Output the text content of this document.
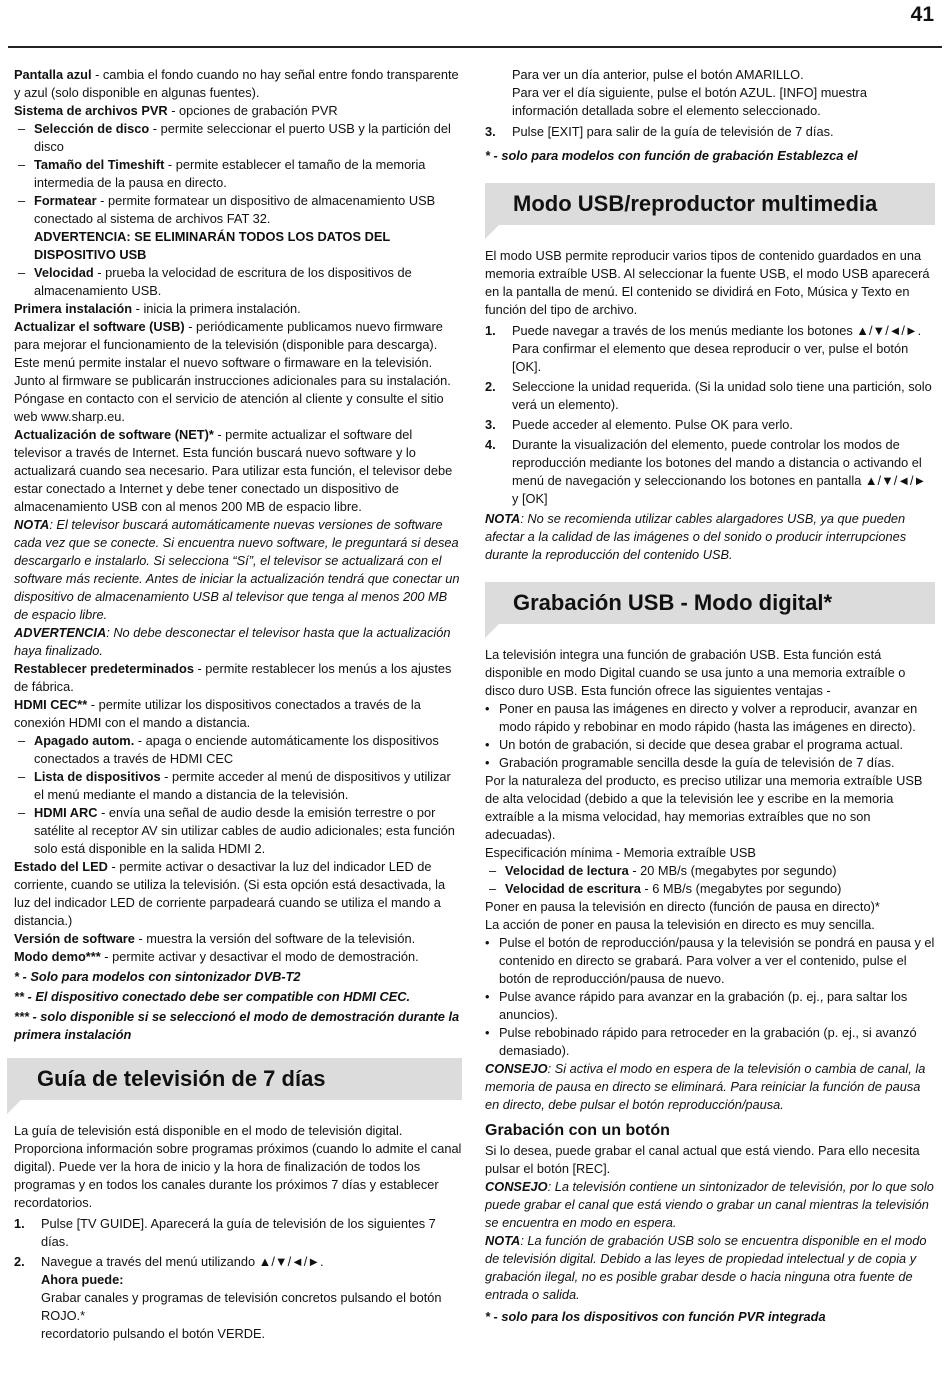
41

Pantalla azul - cambia el fondo cuando no hay señal entre fondo transparente y azul (solo disponible en algunas fuentes).

Sistema de archivos PVR - opciones de grabación PVR

– Selección de disco - permite seleccionar el puerto USB y la partición del disco

– Tamaño del Timeshift - permite establecer el tamaño de la memoria intermedia de la pausa en directo.

– Formatear - permite formatear un dispositivo de almacenamiento USB conectado al sistema de archivos FAT 32.

ADVERTENCIA: SE ELIMINARÁN TODOS LOS DATOS DEL DISPOSITIVO USB

– Velocidad - prueba la velocidad de escritura de los dispositivos de almacenamiento USB.

Primera instalación - inicia la primera instalación.

Actualizar el software (USB) - periódicamente publicamos nuevo firmware para mejorar el funcionamiento de la televisión (disponible para descarga). Este menú permite instalar el nuevo software o firmaware en la televisión. Junto al firmware se publicarán instrucciones adicionales para su instalación. Póngase en contacto con el servicio de atención al cliente y consulte el sitio web www.sharp.eu.

Actualización de software (NET)* - permite actualizar el software del televisor a través de Internet. Esta función buscará nuevo software y lo actualizará cuando sea necesario. Para utilizar esta función, el televisor debe estar conectado a Internet y debe tener conectado un dispositivo de almacenamiento USB con al menos 200 MB de espacio libre.

NOTA: El televisor buscará automáticamente nuevas versiones de software cada vez que se conecte. Si encuentra nuevo software, le preguntará si desea descargarlo e instalarlo. Si selecciona “Sí”, el televisor se actualizará con el software más reciente. Antes de iniciar la actualización tendrá que conectar un dispositivo de almacenamiento USB al televisor que tenga al menos 200 MB de espacio libre.

ADVERTENCIA: No debe desconectar el televisor hasta que la actualización haya finalizado.

Restablecer predeterminados - permite restablecer los menús a los ajustes de fábrica.

HDMI CEC** - permite utilizar los dispositivos conectados a través de la conexión HDMI con el mando a distancia.

– Apagado autom. - apaga o enciende automáticamente los dispositivos conectados a través de HDMI CEC

– Lista de dispositivos - permite acceder al menú de dispositivos y utilizar el menú mediante el mando a distancia de la televisión.

– HDMI ARC - envía una señal de audio desde la emisión terrestre o por satélite al receptor AV sin utilizar cables de audio adicionales; esta función solo está disponible en la salida HDMI 2.

Estado del LED - permite activar o desactivar la luz del indicador LED de corriente, cuando se utiliza la televisión. (Si esta opción está desactivada, la luz del indicador LED de corriente parpadeará cuando se utiliza el mando a distancia.)

Versión de software - muestra la versión del software de la televisión.

Modo demo*** - permite activar y desactivar el modo de demostración.

* - Solo para modelos con sintonizador DVB-T2

** - El dispositivo conectado debe ser compatible con HDMI CEC.

*** - solo disponible si se seleccionó el modo de demostración durante la primera instalación

Guía de televisión de 7 días

La guía de televisión está disponible en el modo de televisión digital. Proporciona información sobre programas próximos (cuando lo admite el canal digital). Puede ver la hora de inicio y la hora de finalización de todos los programas y en todos los canales durante los próximos 7 días y establecer recordatorios.

1. Pulse [TV GUIDE]. Aparecerá la guía de televisión de los siguientes 7 días.

2. Navegue a través del menú utilizando ▲/▼/◄/►.
Ahora puede:
Grabar canales y programas de televisión concretos pulsando el botón ROJO.*
recordatorio pulsando el botón VERDE.

Para ver un día anterior, pulse el botón AMARILLO.

Para ver el día siguiente, pulse el botón AZUL. [INFO] muestra información detallada sobre el elemento seleccionado.

3. Pulse [EXIT] para salir de la guía de televisión de 7 días.

* - solo para modelos con función de grabación Establezca el

Modo USB/reproductor multimedia

El modo USB permite reproducir varios tipos de contenido guardados en una memoria extraíble USB. Al seleccionar la fuente USB, el modo USB aparecerá en la pantalla de menú. El contenido se dividirá en Foto, Música y Texto en función del tipo de archivo.

1. Puede navegar a través de los menús mediante los botones ▲/▼/◄/►. Para confirmar el elemento que desea reproducir o ver, pulse el botón [OK].

2. Seleccione la unidad requerida. (Si la unidad solo tiene una partición, solo verá un elemento).

3. Puede acceder al elemento. Pulse OK para verlo.

4. Durante la visualización del elemento, puede controlar los modos de reproducción mediante los botones del mando a distancia o activando el menú de navegación y seleccionando los botones en pantalla ▲/▼/◄/► y [OK]

NOTA: No se recomienda utilizar cables alargadores USB, ya que pueden afectar a la calidad de las imágenes o del sonido o producir interrupciones durante la reproducción del contenido USB.

Grabación USB - Modo digital*

La televisión integra una función de grabación USB. Esta función está disponible en modo Digital cuando se usa junto a una memoria extraíble o disco duro USB. Esta función ofrece las siguientes ventajas -

• Poner en pausa las imágenes en directo y volver a reproducir, avanzar en modo rápido y rebobinar en modo rápido (hasta las imágenes en directo).

• Un botón de grabación, si decide que desea grabar el programa actual.

• Grabación programable sencilla desde la guía de televisión de 7 días.

Por la naturaleza del producto, es preciso utilizar una memoria extraíble USB de alta velocidad (debido a que la televisión lee y escribe en la memoria extraíble a la misma velocidad, hay memorias extraíbles que no son adecuadas).

Especificación mínima - Memoria extraíble USB

– Velocidad de lectura - 20 MB/s (megabytes por segundo)

– Velocidad de escritura - 6 MB/s (megabytes por segundo)

Poner en pausa la televisión en directo (función de pausa en directo)*

La acción de poner en pausa la televisión en directo es muy sencilla.

• Pulse el botón de reproducción/pausa y la televisión se pondrá en pausa y el contenido en directo se grabará. Para volver a ver el contenido, pulse el botón de reproducción/pausa de nuevo.

• Pulse avance rápido para avanzar en la grabación (p. ej., para saltar los anuncios).

• Pulse rebobinado rápido para retroceder en la grabación (p. ej., si avanzó demasiado).

CONSEJO: Si activa el modo en espera de la televisión o cambia de canal, la memoria de pausa en directo se eliminará. Para reiniciar la función de pausa en directo, debe pulsar el botón reproducción/pausa.

Grabación con un botón

Si lo desea, puede grabar el canal actual que está viendo. Para ello necesita pulsar el botón [REC].

CONSEJO: La televisión contiene un sintonizador de televisión, por lo que solo puede grabar el canal que está viendo o grabar un canal mientras la televisión se encuentra en modo en espera.

NOTA: La función de grabación USB solo se encuentra disponible en el modo de televisión digital. Debido a las leyes de propiedad intelectual y de copia y grabación ilegal, no es posible grabar desde o hacia ninguna otra fuente de entrada o salida.

* - solo para los dispositivos con función PVR integrada
